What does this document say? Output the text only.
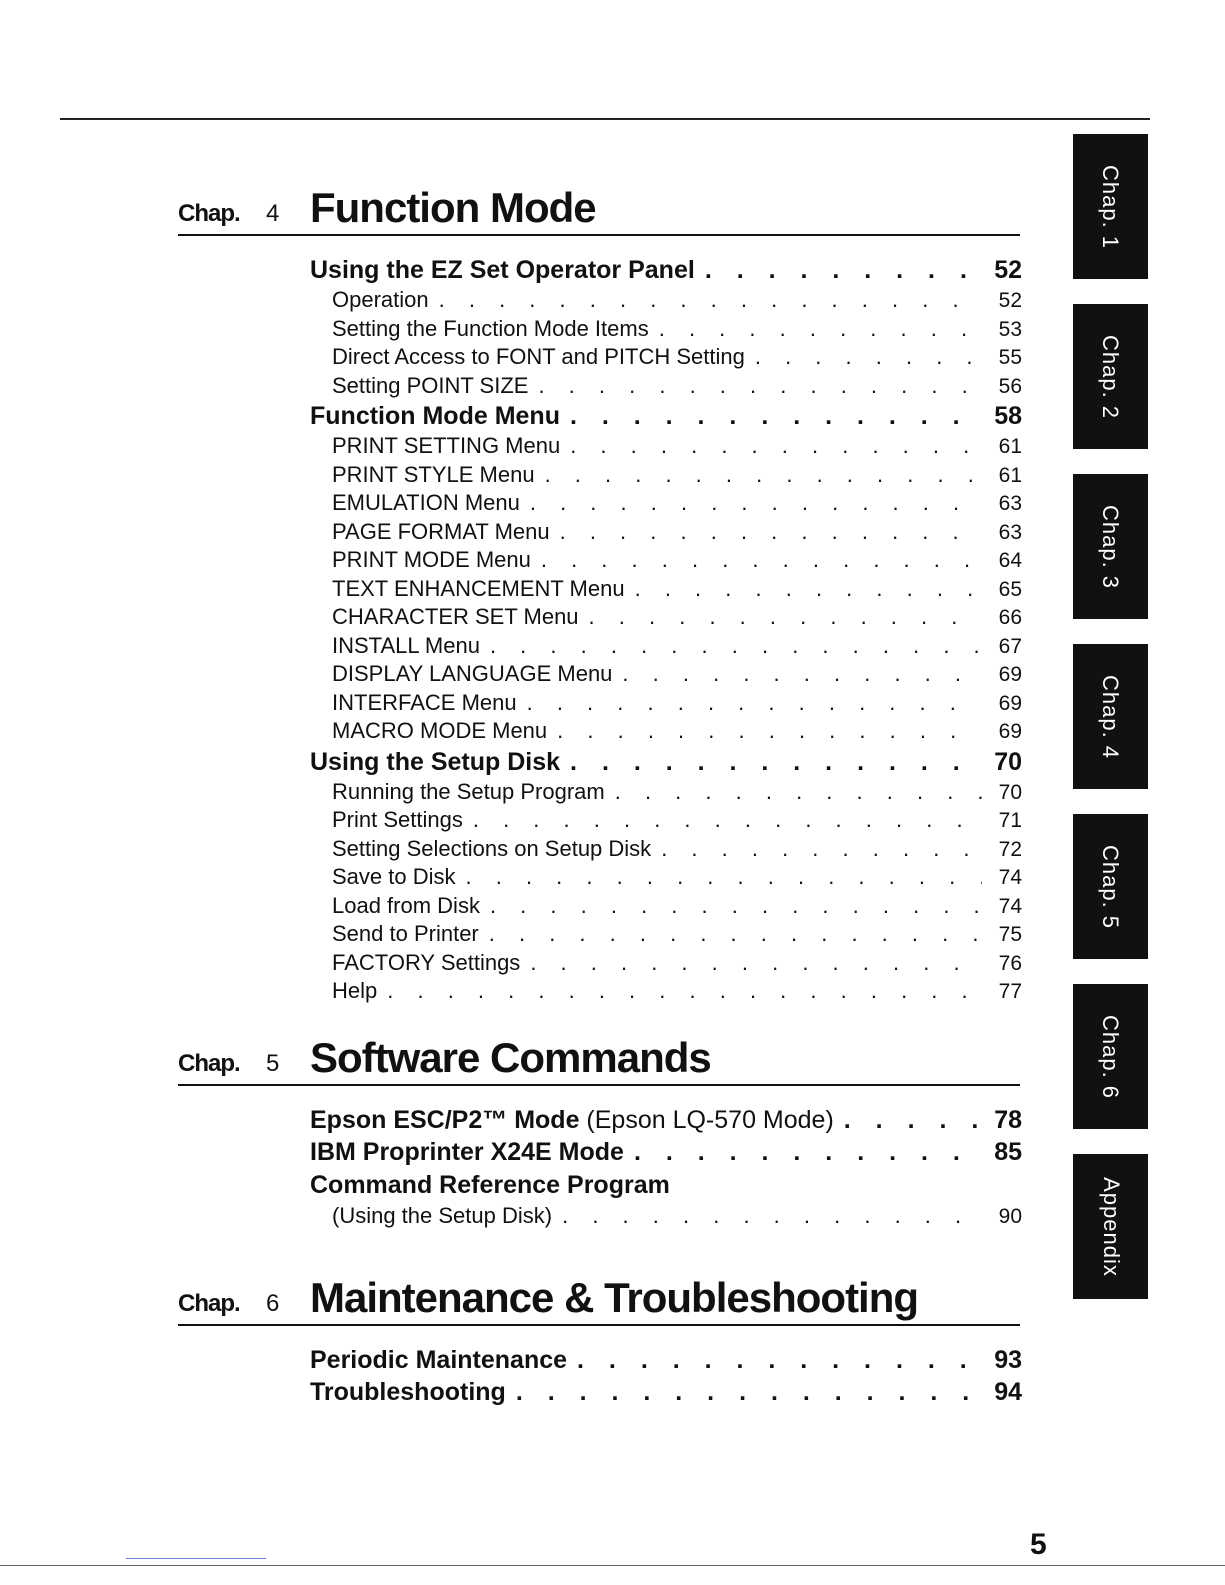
Chap. 4 Function Mode
Using the EZ Set Operator Panel . . .	52
Operation . . .	52
Setting the Function Mode Items . . .	53
Direct Access to FONT and PITCH Setting . . .	55
Setting POINT SIZE . . .	56
Function Mode Menu . . .	58
PRINT SETTING Menu . . .	61
PRINT STYLE Menu . . .	61
EMULATION Menu . . .	63
PAGE FORMAT Menu . . .	63
PRINT MODE Menu . . .	64
TEXT ENHANCEMENT Menu . . .	65
CHARACTER SET Menu . . .	66
INSTALL Menu . . .	67
DISPLAY LANGUAGE Menu . . .	69
INTERFACE Menu . . .	69
MACRO MODE Menu . . .	69
Using the Setup Disk . . .	70
Running the Setup Program . . .	70
Print Settings . . .	71
Setting Selections on Setup Disk . . .	72
Save to Disk . . .	74
Load from Disk . . .	74
Send to Printer . . .	75
FACTORY Settings . . .	76
Help . . .	77
Chap. 5 Software Commands
Epson ESC/P2™ Mode (Epson LQ-570 Mode) . . .	78
IBM Proprinter X24E Mode . . .	85
Command Reference Program
(Using the Setup Disk) . . .	90
Chap. 6 Maintenance & Troubleshooting
Periodic Maintenance . . .	93
Troubleshooting . . .	94
Chap. 1
Chap. 2
Chap. 3
Chap. 4
Chap. 5
Chap. 6
Appendix
5
